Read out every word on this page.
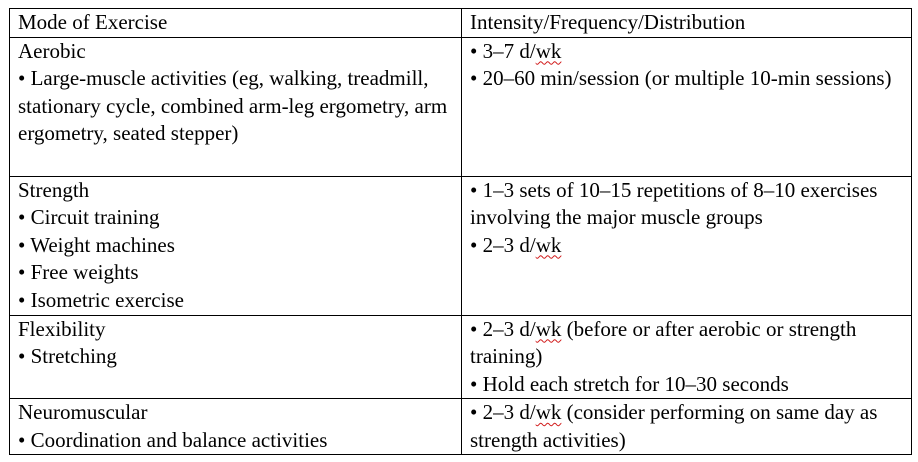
Mode of Exercise	Intensity/Frequency/Distribution

Aerobic
• Large-muscle activities (eg, walking, treadmill, stationary cycle, combined arm-leg ergometry, arm ergometry, seated stepper)	• 3–7 d/wk
• 20–60 min/session (or multiple 10-min sessions)

Strength
• Circuit training
• Weight machines
• Free weights
• Isometric exercise	• 1–3 sets of 10–15 repetitions of 8–10 exercises involving the major muscle groups
• 2–3 d/wk

Flexibility
• Stretching	• 2–3 d/wk (before or after aerobic or strength training)
• Hold each stretch for 10–30 seconds

Neuromuscular
• Coordination and balance activities	• 2–3 d/wk (consider performing on same day as strength activities)
